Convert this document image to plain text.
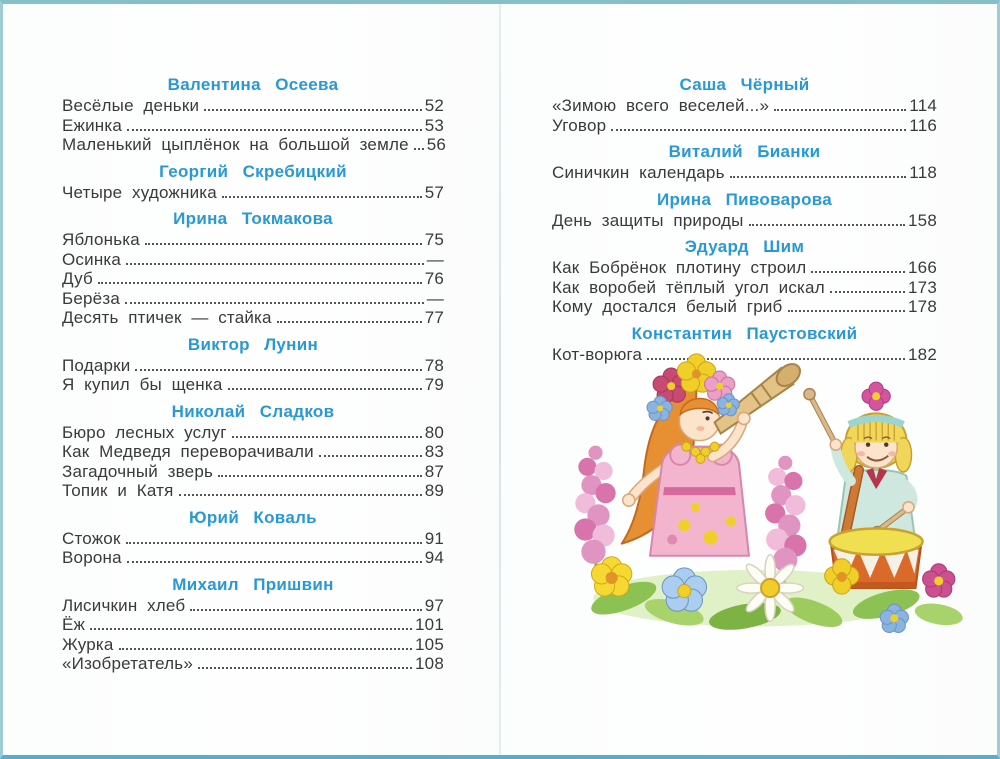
Валентина Осеева
Весёлые деньки	52
Ежинка	53
Маленький цыплёнок на большой земле 56
Георгий Скребицкий
Четыре художника	57
Ирина Токмакова
Яблонька	75
Осинка	—
Дуб	76
Берёза	—
Десять птичек — стайка	77
Виктор Лунин
Подарки	78
Я купил бы щенка	79
Николай Сладков
Бюро лесных услуг	80
Как Медведя переворачивали	83
Загадочный зверь	87
Топик и Катя	89
Юрий Коваль
Стожок	91
Ворона	94
Михаил Пришвин
Лисичкин хлеб	97
Ёж	101
Журка	105
«Изобретатель»	108
Саша Чёрный
«Зимою всего веселей...»	114
Уговор	116
Виталий Бианки
Синичкин календарь	118
Ирина Пивоварова
День защиты природы	158
Эдуард Шим
Как Бобрёнок плотину строил	166
Как воробей тёплый угол искал	173
Кому достался белый гриб	178
Константин Паустовский
Кот-ворюга	182
